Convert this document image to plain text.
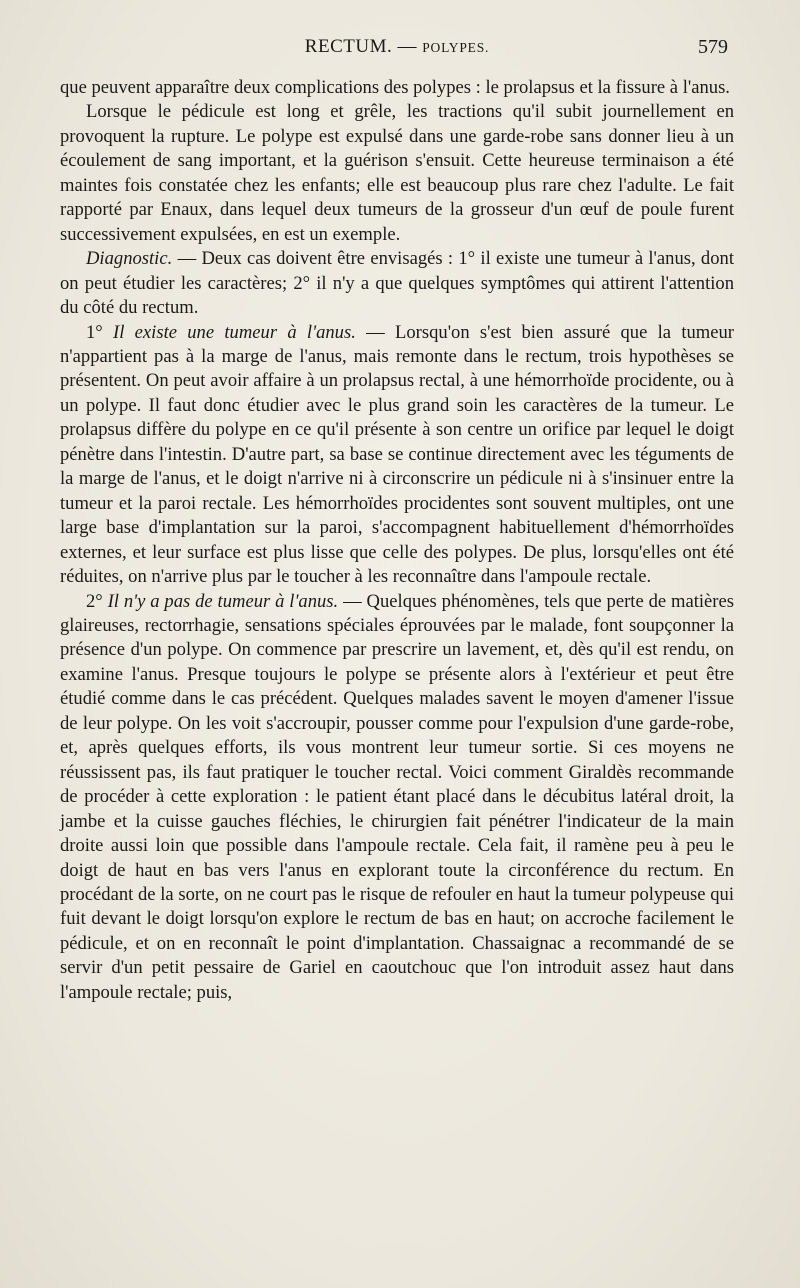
RECTUM. — POLYPES.	579

que peuvent apparaître deux complications des polypes : le prolapsus et la fissure à l'anus.

Lorsque le pédicule est long et grêle, les tractions qu'il subit journellement en provoquent la rupture. Le polype est expulsé dans une garde-robe sans donner lieu à un écoulement de sang important, et la guérison s'ensuit. Cette heureuse terminaison a été maintes fois constatée chez les enfants; elle est beaucoup plus rare chez l'adulte. Le fait rapporté par Enaux, dans lequel deux tumeurs de la grosseur d'un œuf de poule furent successivement expulsées, en est un exemple.

Diagnostic. — Deux cas doivent être envisagés : 1° il existe une tumeur à l'anus, dont on peut étudier les caractères; 2° il n'y a que quelques symptômes qui attirent l'attention du côté du rectum.

1° Il existe une tumeur à l'anus. — Lorsqu'on s'est bien assuré que la tumeur n'appartient pas à la marge de l'anus, mais remonte dans le rectum, trois hypothèses se présentent. On peut avoir affaire à un prolapsus rectal, à une hémorrhoïde procidente, ou à un polype. Il faut donc étudier avec le plus grand soin les caractères de la tumeur. Le prolapsus diffère du polype en ce qu'il présente à son centre un orifice par lequel le doigt pénètre dans l'intestin. D'autre part, sa base se continue directement avec les téguments de la marge de l'anus, et le doigt n'arrive ni à circonscrire un pédicule ni à s'insinuer entre la tumeur et la paroi rectale. Les hémorrhoïdes procidentes sont souvent multiples, ont une large base d'implantation sur la paroi, s'accompagnent habituellement d'hémorrhoïdes externes, et leur surface est plus lisse que celle des polypes. De plus, lorsqu'elles ont été réduites, on n'arrive plus par le toucher à les reconnaître dans l'ampoule rectale.

2° Il n'y a pas de tumeur à l'anus. — Quelques phénomènes, tels que perte de matières glaireuses, rectorrhagie, sensations spéciales éprouvées par le malade, font soupçonner la présence d'un polype. On commence par prescrire un lavement, et, dès qu'il est rendu, on examine l'anus. Presque toujours le polype se présente alors à l'extérieur et peut être étudié comme dans le cas précédent. Quelques malades savent le moyen d'amener l'issue de leur polype. On les voit s'accroupir, pousser comme pour l'expulsion d'une garde-robe, et, après quelques efforts, ils vous montrent leur tumeur sortie. Si ces moyens ne réussissent pas, ils faut pratiquer le toucher rectal. Voici comment Giraldès recommande de procéder à cette exploration : le patient étant placé dans le décubitus latéral droit, la jambe et la cuisse gauches fléchies, le chirurgien fait pénétrer l'indicateur de la main droite aussi loin que possible dans l'ampoule rectale. Cela fait, il ramène peu à peu le doigt de haut en bas vers l'anus en explorant toute la circonférence du rectum. En procédant de la sorte, on ne court pas le risque de refouler en haut la tumeur polypeuse qui fuit devant le doigt lorsqu'on explore le rectum de bas en haut; on accroche facilement le pédicule, et on en reconnaît le point d'implantation. Chassaignac a recommandé de se servir d'un petit pessaire de Gariel en caoutchouc que l'on introduit assez haut dans l'ampoule rectale; puis,
